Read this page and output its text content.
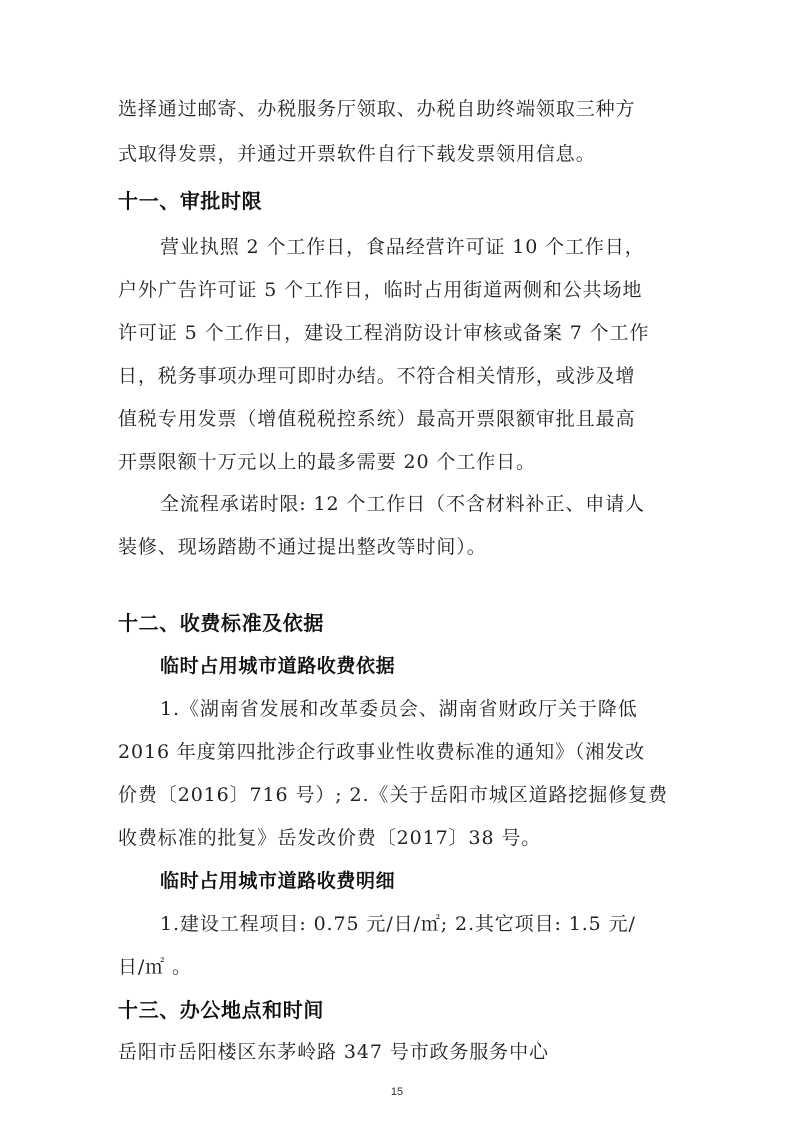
选择通过邮寄、办税服务厅领取、办税自助终端领取三种方
式取得发票，并通过开票软件自行下载发票领用信息。
十一、审批时限
营业执照 2 个工作日，食品经营许可证 10 个工作日，
户外广告许可证 5 个工作日，临时占用街道两侧和公共场地
许可证 5 个工作日，建设工程消防设计审核或备案 7 个工作
日，税务事项办理可即时办结。不符合相关情形，或涉及增
值税专用发票（增值税税控系统）最高开票限额审批且最高
开票限额十万元以上的最多需要 20 个工作日。
全流程承诺时限: 12 个工作日（不含材料补正、申请人
装修、现场踏勘不通过提出整改等时间）。
十二、收费标准及依据
临时占用城市道路收费依据
1.《湖南省发展和改革委员会、湖南省财政厅关于降低
2016 年度第四批涉企行政事业性收费标准的通知》（湘发改
价费〔2016〕716 号）; 2.《关于岳阳市城区道路挖掘修复费
收费标准的批复》岳发改价费〔2017〕38 号。
临时占用城市道路收费明细
1.建设工程项目: 0.75 元/日/㎡; 2.其它项目: 1.5 元/
日/㎡ 。
十三、办公地点和时间
岳阳市岳阳楼区东茅岭路 347 号市政务服务中心
15
